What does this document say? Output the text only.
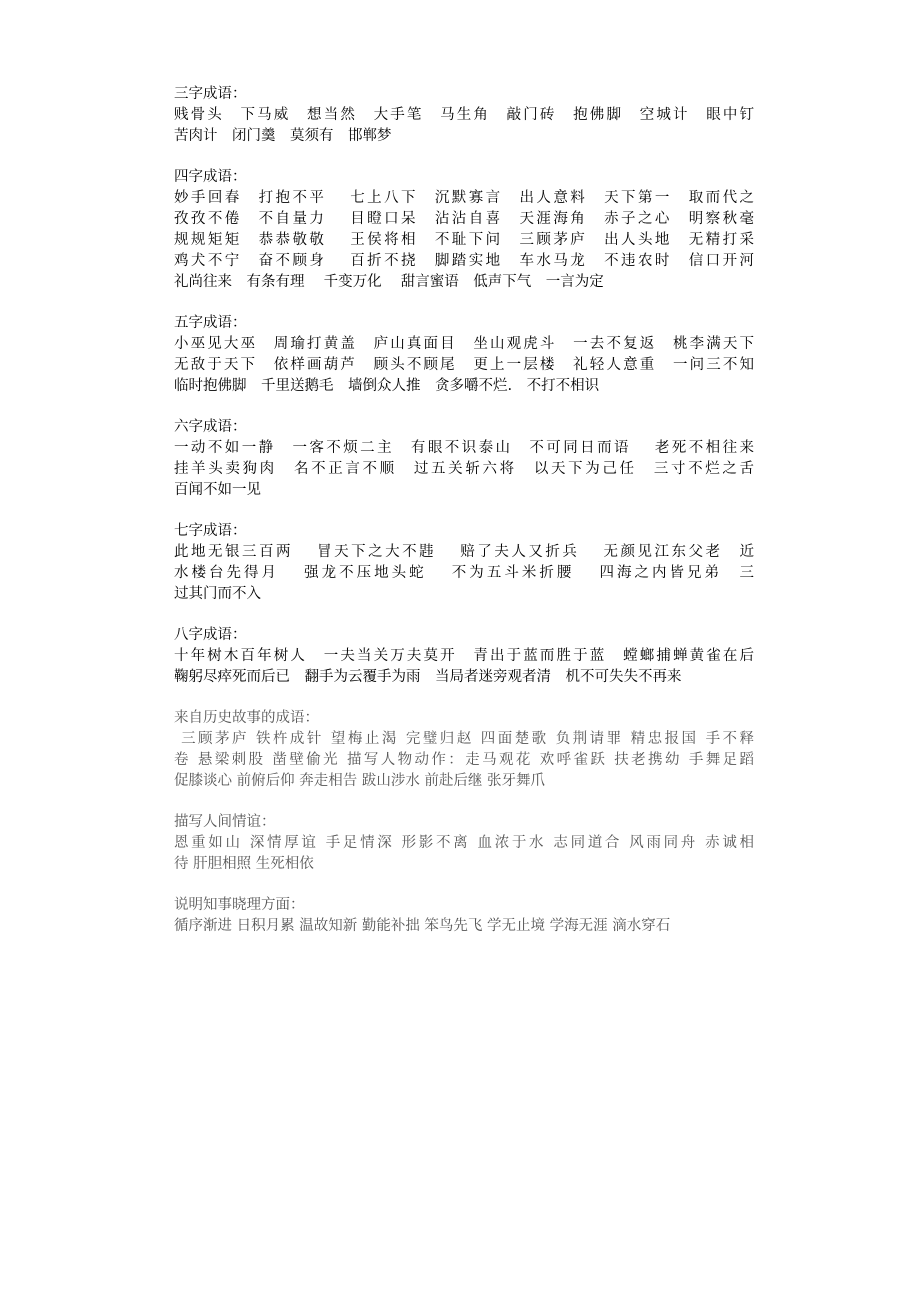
三字成语：
贱骨头　下马威　想当然　大手笔　马生角　敲门砖　抱佛脚　空城计　眼中钉
苦肉计　闭门羹　莫须有　邯郸梦
四字成语：
妙手回春　打抱不平　 七上八下　沉默寡言　出人意料　天下第一　取而代之
孜孜不倦　不自量力　 目瞪口呆　沾沾自喜　天涯海角　赤子之心　明察秋毫
规规矩矩　恭恭敬敬　 王侯将相　不耻下问　三顾茅庐　出人头地　无精打采
鸡犬不宁　奋不顾身　 百折不挠　脚踏实地　车水马龙　不违农时　信口开河
礼尚往来　有条有理　 千变万化　 甜言蜜语　低声下气　一言为定
五字成语：
小巫见大巫　周瑜打黄盖　庐山真面目　坐山观虎斗　一去不复返　桃李满天下
无敌于天下　依样画葫芦　顾头不顾尾　更上一层楼　礼轻人意重　一问三不知
临时抱佛脚　千里送鹅毛　墙倒众人推　贪多嚼不烂.　不打不相识
六字成语：
一动不如一静　一客不烦二主　有眼不识泰山　不可同日而语　 老死不相往来
挂羊头卖狗肉　名不正言不顺　过五关斩六将　以天下为己任　三寸不烂之舌
百闻不如一见
七字成语：
此地无银三百两　 冒天下之大不韪　 赔了夫人又折兵　 无颜见江东父老　近
水楼台先得月　 强龙不压地头蛇　 不为五斗米折腰　 四海之内皆兄弟　三
过其门而不入
八字成语：
十年树木百年树人　一夫当关万夫莫开　青出于蓝而胜于蓝　螳螂捕蝉黄雀在后
鞠躬尽瘁死而后已　翻手为云覆手为雨　当局者迷旁观者清　机不可失失不再来
来自历史故事的成语：
三顾茅庐 铁杵成针 望梅止渴 完璧归赵 四面楚歌 负荆请罪 精忠报国 手不释
卷 悬梁刺股 凿壁偷光 描写人物动作：走马观花 欢呼雀跃 扶老携幼 手舞足蹈
促膝谈心 前俯后仰 奔走相告 跋山涉水 前赴后继 张牙舞爪
描写人间情谊：
恩重如山 深情厚谊 手足情深 形影不离 血浓于水 志同道合 风雨同舟 赤诚相
待 肝胆相照 生死相依
说明知事晓理方面：
循序渐进 日积月累 温故知新 勤能补拙 笨鸟先飞 学无止境 学海无涯 滴水穿石
